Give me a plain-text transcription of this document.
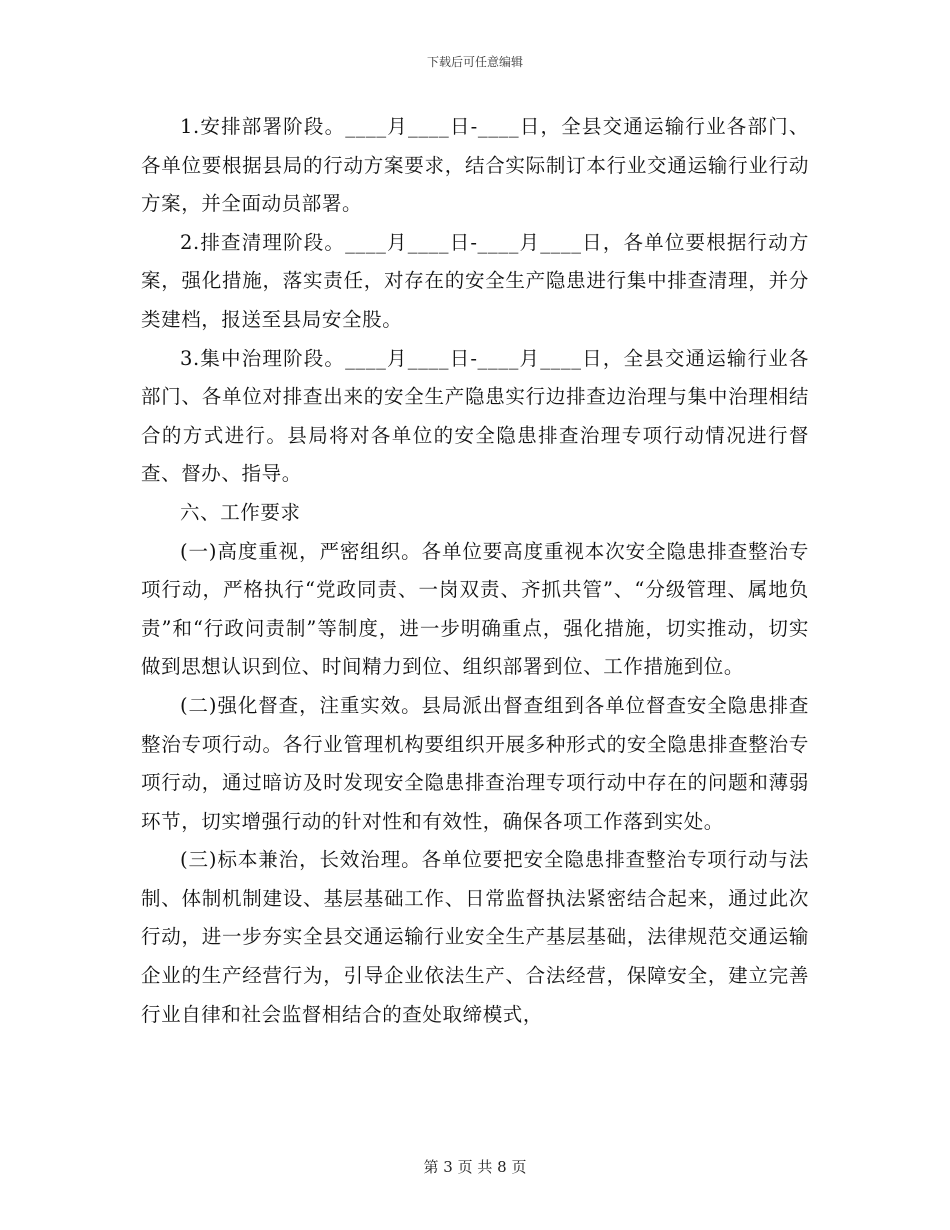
下载后可任意编辑

1.安排部署阶段。____月____日-____日，全县交通运输行业各部门、各单位要根据县局的行动方案要求，结合实际制订本行业交通运输行业行动方案，并全面动员部署。

2.排查清理阶段。____月____日-____月____日，各单位要根据行动方案，强化措施，落实责任，对存在的安全生产隐患进行集中排查清理，并分类建档，报送至县局安全股。

3.集中治理阶段。____月____日-____月____日，全县交通运输行业各部门、各单位对排查出来的安全生产隐患实行边排查边治理与集中治理相结合的方式进行。县局将对各单位的安全隐患排查治理专项行动情况进行督查、督办、指导。

六、工作要求

(一)高度重视，严密组织。各单位要高度重视本次安全隐患排查整治专项行动，严格执行“党政同责、一岗双责、齐抓共管”、“分级管理、属地负责”和“行政问责制”等制度，进一步明确重点，强化措施，切实推动，切实做到思想认识到位、时间精力到位、组织部署到位、工作措施到位。

(二)强化督查，注重实效。县局派出督查组到各单位督查安全隐患排查整治专项行动。各行业管理机构要组织开展多种形式的安全隐患排查整治专项行动，通过暗访及时发现安全隐患排查治理专项行动中存在的问题和薄弱环节，切实增强行动的针对性和有效性，确保各项工作落到实处。

(三)标本兼治，长效治理。各单位要把安全隐患排查整治专项行动与法制、体制机制建设、基层基础工作、日常监督执法紧密结合起来，通过此次行动，进一步夯实全县交通运输行业安全生产基层基础，法律规范交通运输企业的生产经营行为，引导企业依法生产、合法经营，保障安全，建立完善行业自律和社会监督相结合的查处取缔模式，

第 3 页 共 8 页
